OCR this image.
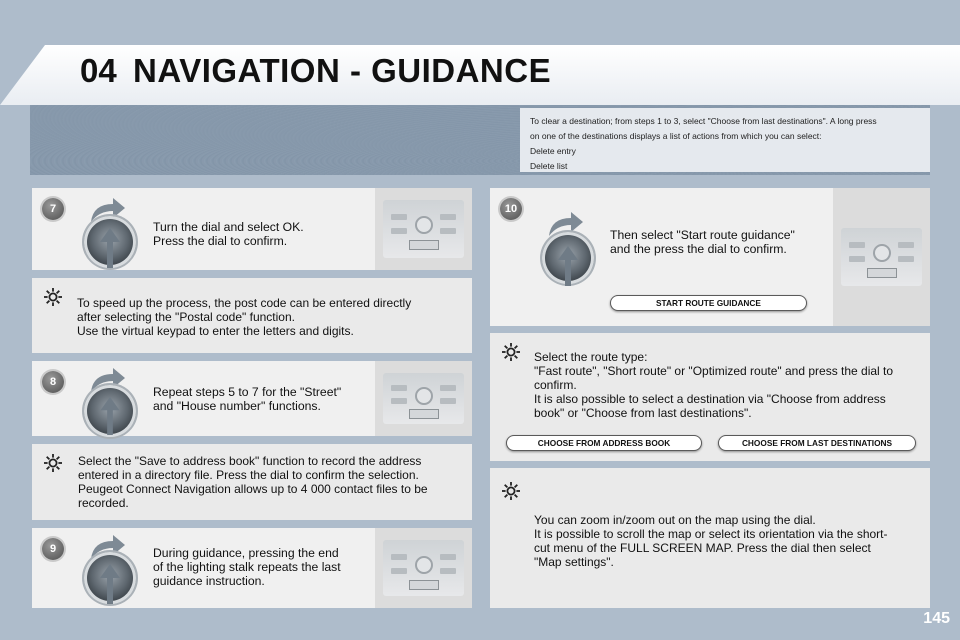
04 NAVIGATION - GUIDANCE
To clear a destination; from steps 1 to 3, select "Choose from last destinations". A long press
on one of the destinations displays a list of actions from which you can select:
Delete entry
Delete list
7
Turn the dial and select OK.
Press the dial to confirm.
To speed up the process, the post code can be entered directly
after selecting the "Postal code" function.
Use the virtual keypad to enter the letters and digits.
8
Repeat steps 5 to 7 for the "Street"
and "House number" functions.
Select the "Save to address book" function to record the address
entered in a directory file. Press the dial to confirm the selection.
Peugeot Connect Navigation allows up to 4 000 contact files to be
recorded.
9	During guidance, pressing the end
of the lighting stalk repeats the last
guidance instruction.
10
Then select "Start route guidance"
and the press the dial to confirm.
START ROUTE GUIDANCE
Select the route type:
"Fast route", "Short route" or "Optimized route" and press the dial to
confirm.
It is also possible to select a destination via "Choose from address
book" or "Choose from last destinations".
CHOOSE FROM ADDRESS BOOK	CHOOSE FROM LAST DESTINATIONS
You can zoom in/zoom out on the map using the dial.
It is possible to scroll the map or select its orientation via the short-
cut menu of the FULL SCREEN MAP. Press the dial then select
"Map settings".
145
